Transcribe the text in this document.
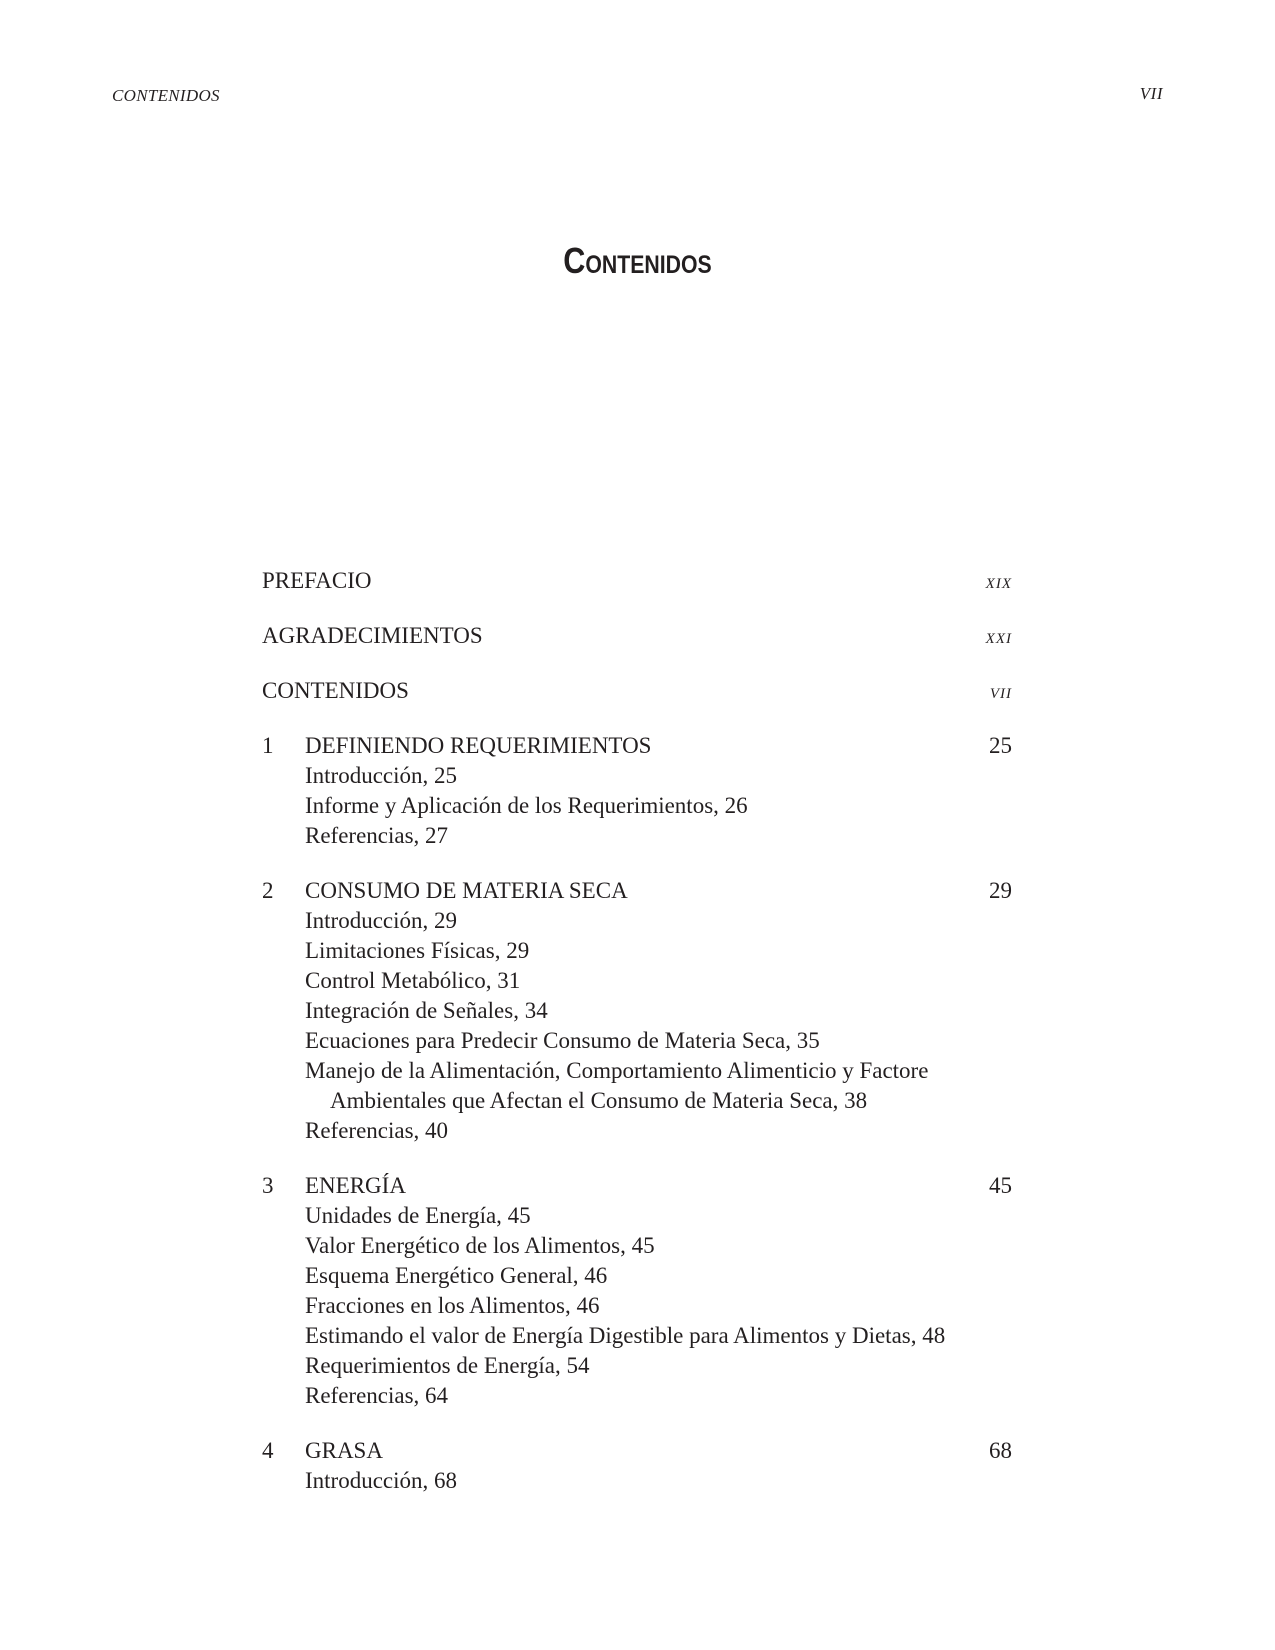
CONTENIDOS	VII
Contenidos
PREFACIO	xix
AGRADECIMIENTOS	xxi
CONTENIDOS	vii
1	DEFINIENDO REQUERIMIENTOS	25
Introducción, 25
Informe y Aplicación de los Requerimientos, 26
Referencias, 27
2	CONSUMO DE MATERIA SECA	29
Introducción, 29
Limitaciones Físicas, 29
Control Metabólico, 31
Integración de Señales, 34
Ecuaciones para Predecir Consumo de Materia Seca, 35
Manejo de la Alimentación, Comportamiento Alimenticio y Factore Ambientales que Afectan el Consumo de Materia Seca, 38
Referencias, 40
3	ENERGÍA	45
Unidades de Energía, 45
Valor Energético de los Alimentos, 45
Esquema Energético General, 46
Fracciones en los Alimentos, 46
Estimando el valor de Energía Digestible para Alimentos y Dietas, 48
Requerimientos de Energía, 54
Referencias, 64
4	GRASA	68
Introducción, 68
